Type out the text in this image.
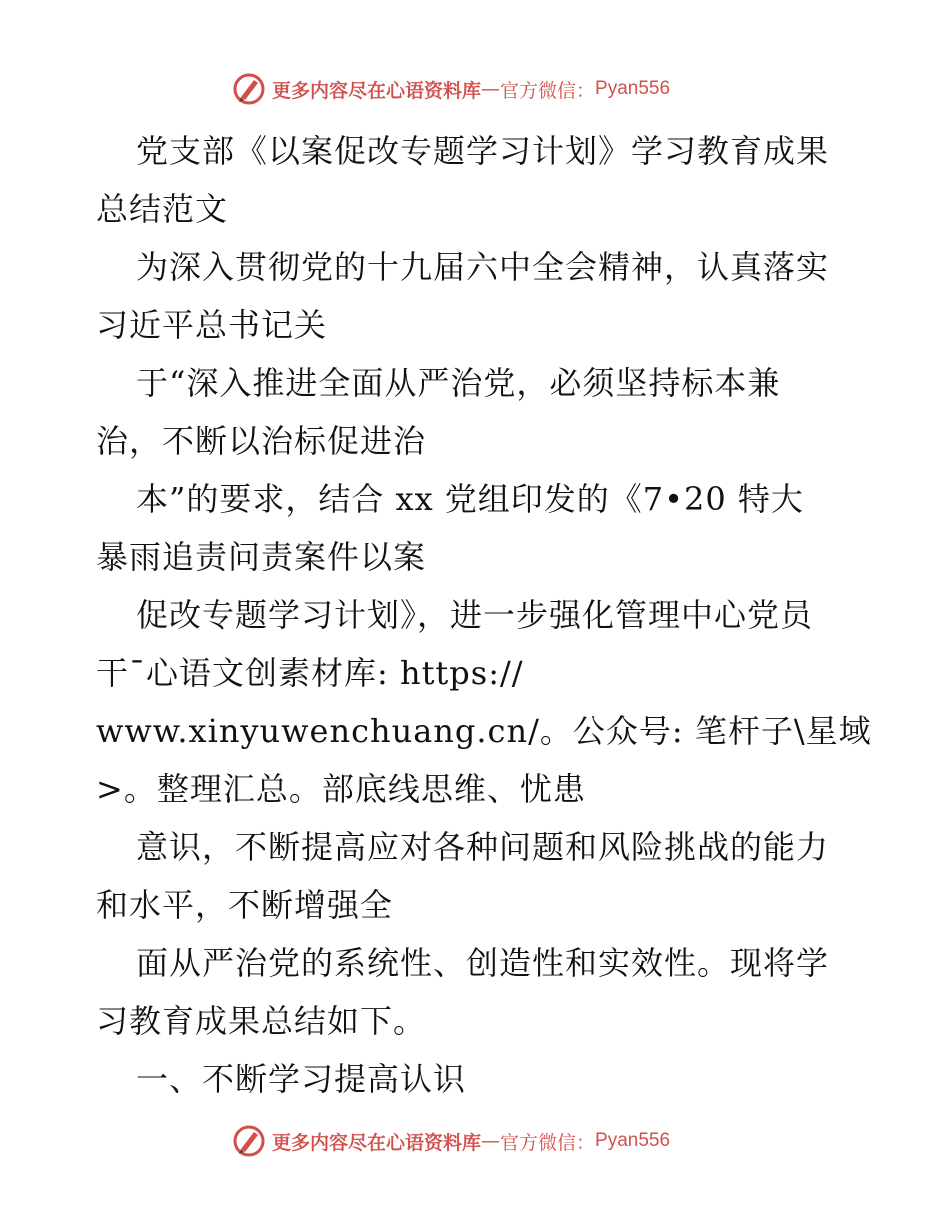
更多内容尽在心语资料库 — 官方微信： Pyan556
党支部《以案促改专题学习计划》学习教育成果
总结范文
为深入贯彻党的十九届六中全会精神，认真落实
习近平总书记关
于“深入推进全面从严治党，必须坚持标本兼
治，不断以治标促进治
本”的要求，结合 xx 党组印发的《7•20 特大
暴雨追责问责案件以案
促改专题学习计划》，进一步强化管理中心党员
干¯心语文创素材库: https://
www.xinyuwenchuang.cn/。公众号: 笔杆子\星域
>。整理汇总。部底线思维、忧患
意识，不断提高应对各种问题和风险挑战的能力
和水平，不断增强全
面从严治党的系统性、创造性和实效性。现将学
习教育成果总结如下。
一、不断学习提高认识
更多内容尽在心语资料库 — 官方微信： Pyan556
